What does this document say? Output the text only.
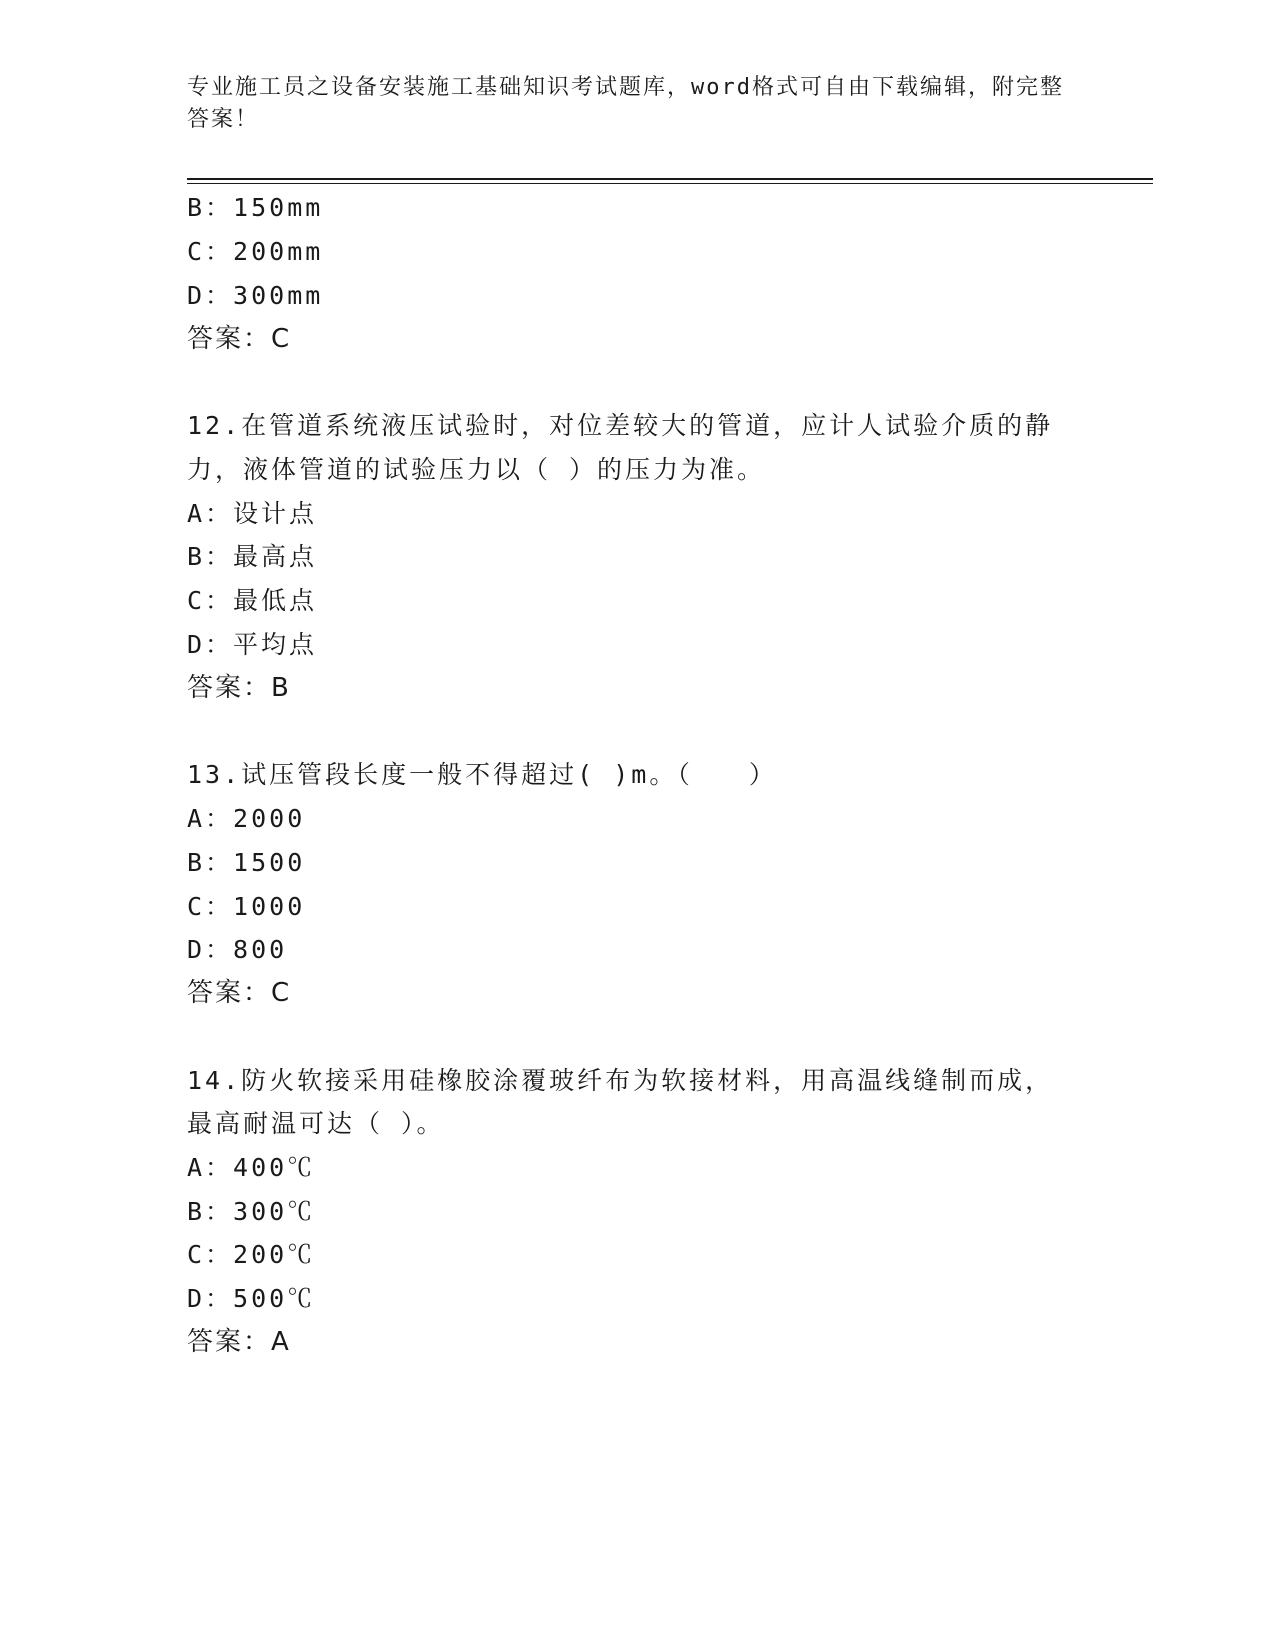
专业施工员之设备安装施工基础知识考试题库，word格式可自由下载编辑，附完整答案！
B：150mm
C：200mm
D：300mm
答案：C
12.在管道系统液压试验时，对位差较大的管道，应计人试验介质的静
力，液体管道的试验压力以（ ）的压力为准。
A：设计点
B：最高点
C：最低点
D：平均点
答案：B
13.试压管段长度一般不得超过( )m。（　　）
A：2000
B：1500
C：1000
D：800
答案：C
14.防火软接采用硅橡胶涂覆玻纤布为软接材料，用高温线缝制而成，
最高耐温可达（ ）。
A：400℃
B：300℃
C：200℃
D：500℃
答案：A
